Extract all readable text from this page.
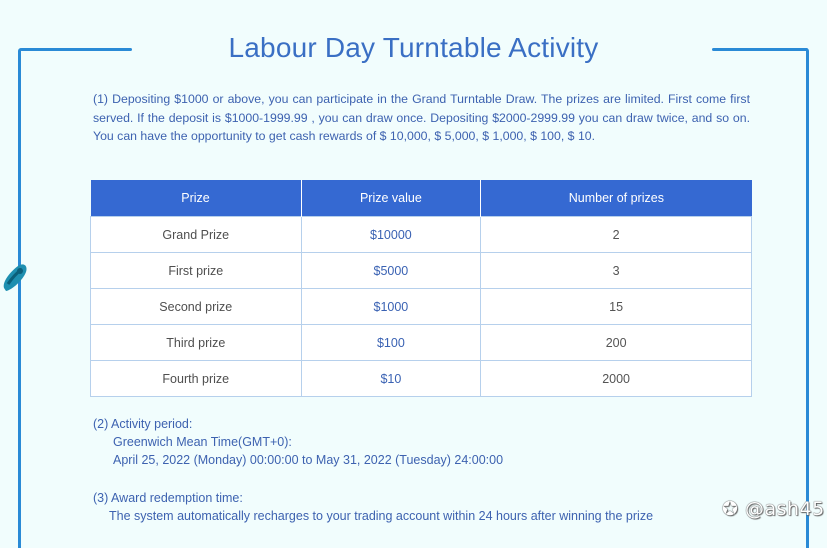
Labour Day Turntable Activity
(1) Depositing $1000 or above, you can participate in the Grand Turntable Draw. The prizes are limited. First come first served. If the deposit is $1000-1999.99 , you can draw once. Depositing $2000-2999.99 you can draw twice, and so on. You can have the opportunity to get cash rewards of $ 10,000, $ 5,000, $ 1,000, $ 100, $ 10.
Prize	Prize value	Number of prizes
Grand Prize	$10000	2
First prize	$5000	3
Second prize	$1000	15
Third prize	$100	200
Fourth prize	$10	2000
(2) Activity period:
Greenwich Mean Time(GMT+0):
April 25, 2022 (Monday) 00:00:00 to May 31, 2022 (Tuesday) 24:00:00
(3) Award redemption time:
The system automatically recharges to your trading account within 24 hours after winning the prize	✪ @ash45
